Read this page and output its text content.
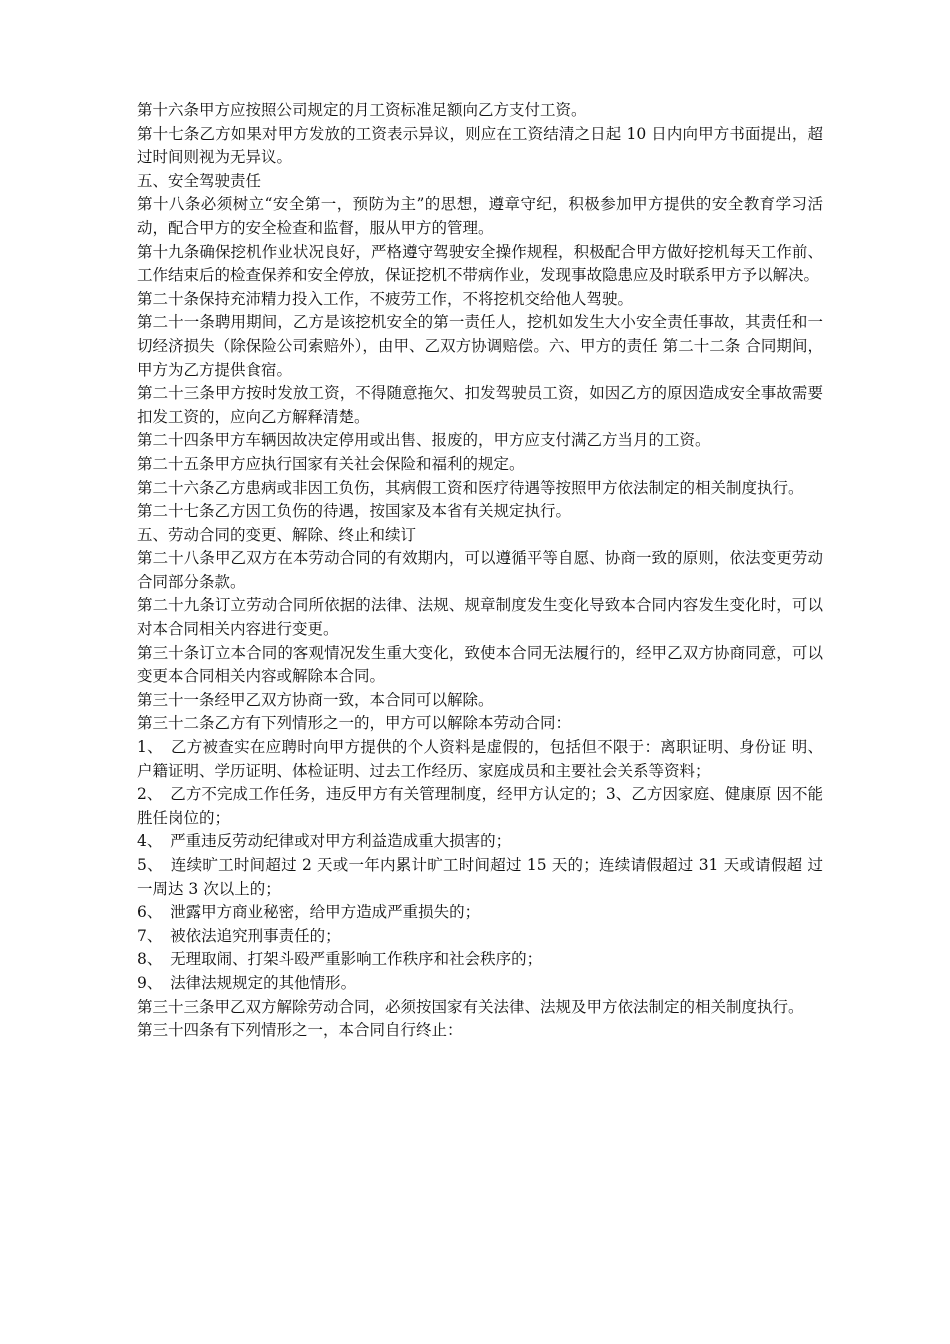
第十六条甲方应按照公司规定的月工资标准足额向乙方支付工资。

第十七条乙方如果对甲方发放的工资表示异议，则应在工资结清之日起 10 日内向甲方书面提出，超过时间则视为无异议。

五、安全驾驶责任

第十八条必须树立“安全第一，预防为主”的思想，遵章守纪，积极参加甲方提供的安全教育学习活动，配合甲方的安全检查和监督，服从甲方的管理。

第十九条确保挖机作业状况良好，严格遵守驾驶安全操作规程，积极配合甲方做好挖机每天工作前、工作结束后的检查保养和安全停放，保证挖机不带病作业，发现事故隐患应及时联系甲方予以解决。

第二十条保持充沛精力投入工作，不疲劳工作，不将挖机交给他人驾驶。

第二十一条聘用期间，乙方是该挖机安全的第一责任人，挖机如发生大小安全责任事故，其责任和一切经济损失（除保险公司索赔外），由甲、乙双方协调赔偿。六、甲方的责任 第二十二条 合同期间，甲方为乙方提供食宿。

第二十三条甲方按时发放工资，不得随意拖欠、扣发驾驶员工资，如因乙方的原因造成安全事故需要扣发工资的，应向乙方解释清楚。

第二十四条甲方车辆因故决定停用或出售、报废的，甲方应支付满乙方当月的工资。

第二十五条甲方应执行国家有关社会保险和福利的规定。

第二十六条乙方患病或非因工负伤，其病假工资和医疗待遇等按照甲方依法制定的相关制度执行。

第二十七条乙方因工负伤的待遇，按国家及本省有关规定执行。

五、劳动合同的变更、解除、终止和续订

第二十八条甲乙双方在本劳动合同的有效期内，可以遵循平等自愿、协商一致的原则，依法变更劳动合同部分条款。

第二十九条订立劳动合同所依据的法律、法规、规章制度发生变化导致本合同内容发生变化时，可以对本合同相关内容进行变更。

第三十条订立本合同的客观情况发生重大变化，致使本合同无法履行的，经甲乙双方协商同意，可以变更本合同相关内容或解除本合同。

第三十一条经甲乙双方协商一致，本合同可以解除。

第三十二条乙方有下列情形之一的，甲方可以解除本劳动合同：

1、　乙方被查实在应聘时向甲方提供的个人资料是虚假的，包括但不限于：离职证明、身份证 明、户籍证明、学历证明、体检证明、过去工作经历、家庭成员和主要社会关系等资料；

2、　乙方不完成工作任务，违反甲方有关管理制度，经甲方认定的；3、乙方因家庭、健康原 因不能胜任岗位的；

4、　严重违反劳动纪律或对甲方利益造成重大损害的；

5、　连续旷工时间超过 2 天或一年内累计旷工时间超过 15 天的；连续请假超过 31 天或请假超 过一周达 3 次以上的；

6、　泄露甲方商业秘密，给甲方造成严重损失的；

7、　被依法追究刑事责任的；

8、　无理取闹、打架斗殴严重影响工作秩序和社会秩序的；

9、　法律法规规定的其他情形。

第三十三条甲乙双方解除劳动合同，必须按国家有关法律、法规及甲方依法制定的相关制度执行。

第三十四条有下列情形之一，本合同自行终止：
